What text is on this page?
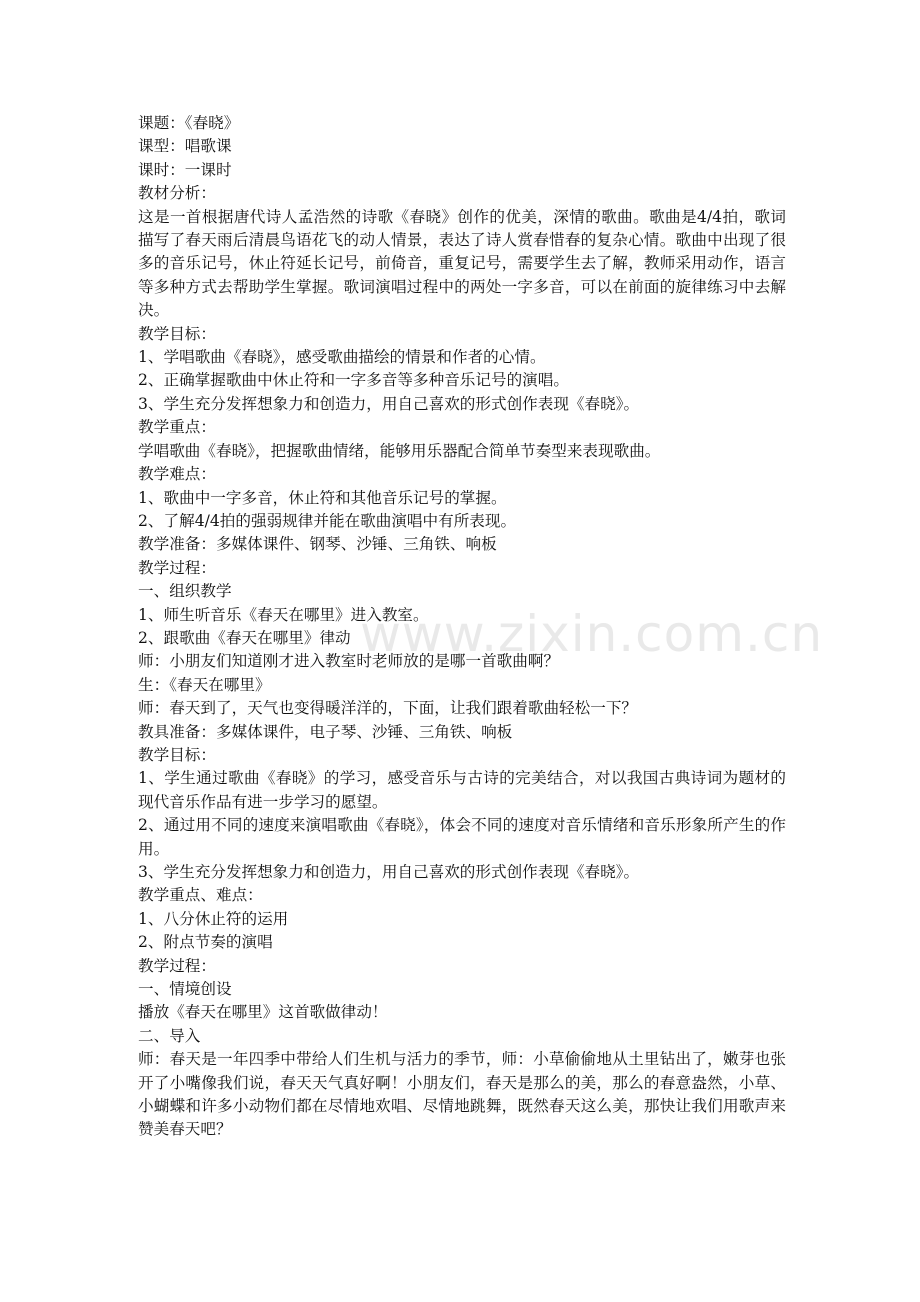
www.zixin.com.cn

课题：《春晓》

课型：唱歌课

课时：一课时

教材分析：

这是一首根据唐代诗人孟浩然的诗歌《春晓》创作的优美，深情的歌曲。歌曲是4/4拍，歌词描写了春天雨后清晨鸟语花飞的动人情景，表达了诗人赏春惜春的复杂心情。歌曲中出现了很多的音乐记号，休止符延长记号，前倚音，重复记号，需要学生去了解，教师采用动作，语言等多种方式去帮助学生掌握。歌词演唱过程中的两处一字多音，可以在前面的旋律练习中去解决。

教学目标：

1、学唱歌曲《春晓》，感受歌曲描绘的情景和作者的心情。

2、正确掌握歌曲中休止符和一字多音等多种音乐记号的演唱。

3、学生充分发挥想象力和创造力，用自己喜欢的形式创作表现《春晓》。

教学重点：

学唱歌曲《春晓》，把握歌曲情绪，能够用乐器配合简单节奏型来表现歌曲。

教学难点：

1、歌曲中一字多音，休止符和其他音乐记号的掌握。

2、了解4/4拍的强弱规律并能在歌曲演唱中有所表现。

教学准备：多媒体课件、钢琴、沙锤、三角铁、响板

教学过程：

一、组织教学

1、师生听音乐《春天在哪里》进入教室。

2、跟歌曲《春天在哪里》律动

师：小朋友们知道刚才进入教室时老师放的是哪一首歌曲啊？

生：《春天在哪里》

师：春天到了，天气也变得暖洋洋的，下面，让我们跟着歌曲轻松一下？

教具准备：多媒体课件，电子琴、沙锤、三角铁、响板

教学目标：

1、学生通过歌曲《春晓》的学习，感受音乐与古诗的完美结合，对以我国古典诗词为题材的现代音乐作品有进一步学习的愿望。

2、通过用不同的速度来演唱歌曲《春晓》，体会不同的速度对音乐情绪和音乐形象所产生的作用。

3、学生充分发挥想象力和创造力，用自己喜欢的形式创作表现《春晓》。

教学重点、难点：

1、八分休止符的运用

2、附点节奏的演唱

教学过程：

一、情境创设

播放《春天在哪里》这首歌做律动！

二、导入

师：春天是一年四季中带给人们生机与活力的季节，师：小草偷偷地从土里钻出了，嫩芽也张开了小嘴像我们说，春天天气真好啊！小朋友们，春天是那么的美，那么的春意盎然，小草、小蝴蝶和许多小动物们都在尽情地欢唱、尽情地跳舞，既然春天这么美，那快让我们用歌声来赞美春天吧？
